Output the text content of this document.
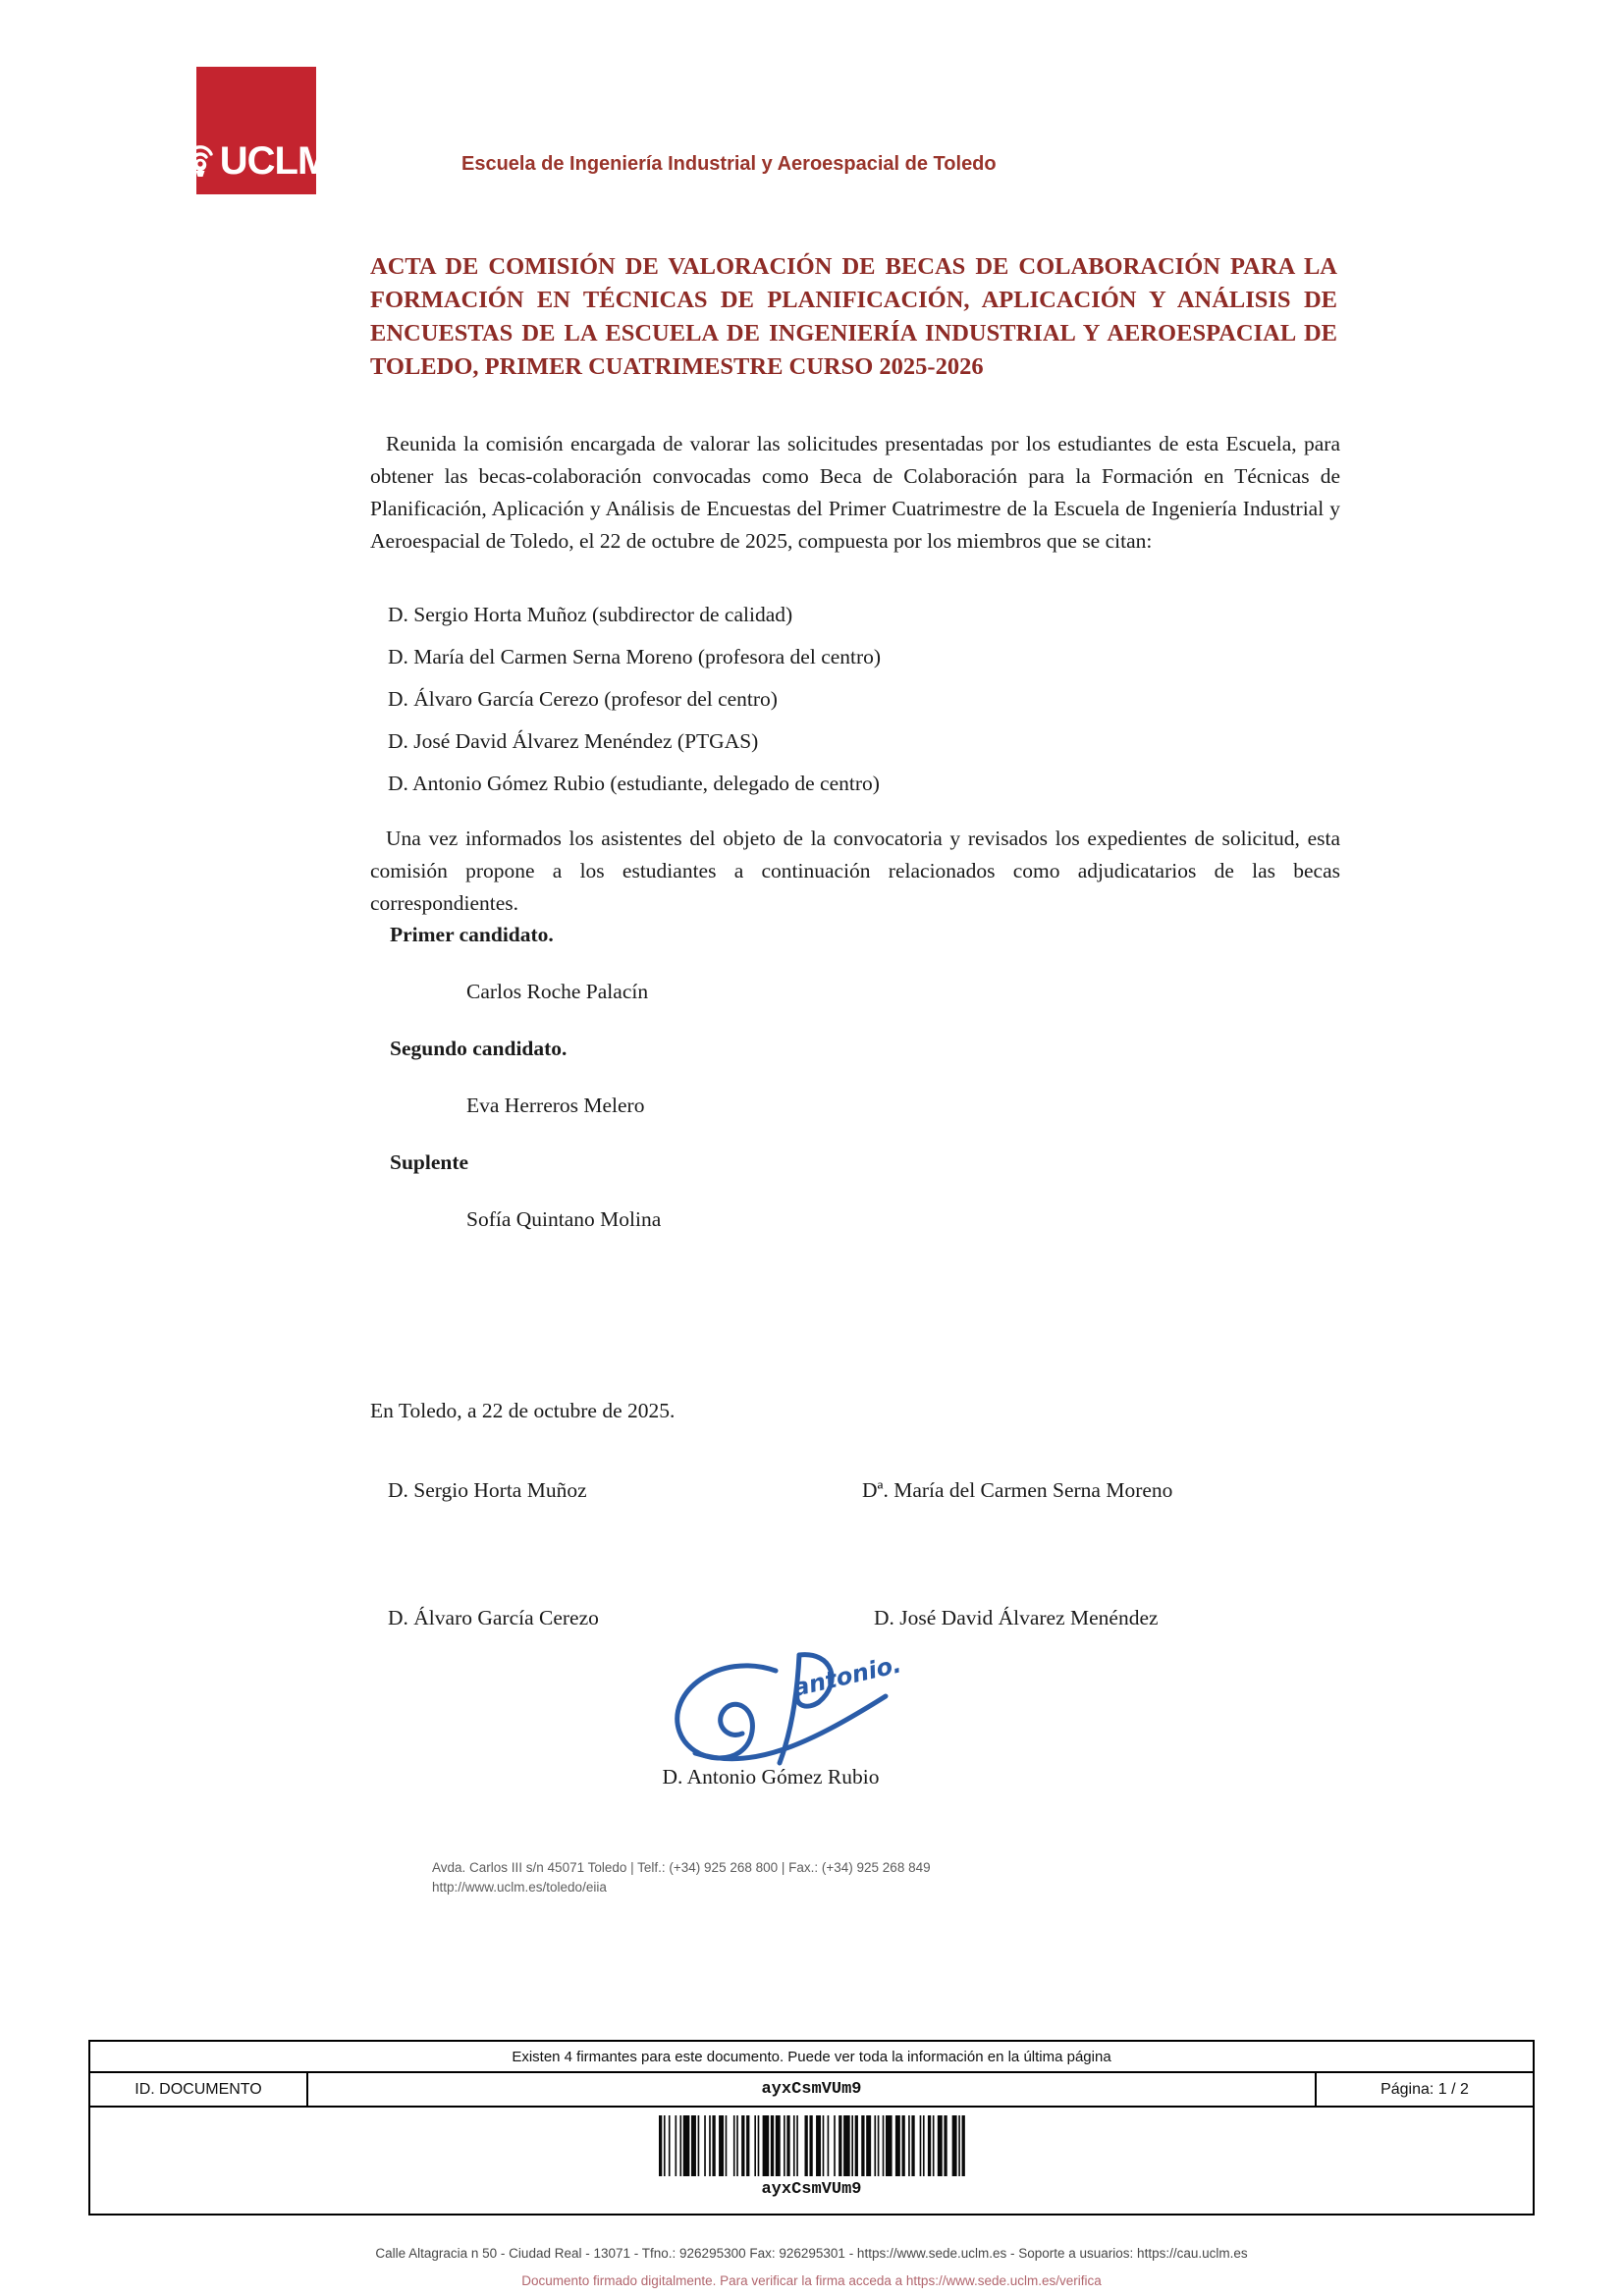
UCLM	Escuela de Ingeniería Industrial y Aeroespacial de Toledo
ACTA DE COMISIÓN DE VALORACIÓN DE BECAS DE COLABORACIÓN PARA LA FORMACIÓN EN TÉCNICAS DE PLANIFICACIÓN, APLICACIÓN Y ANÁLISIS DE ENCUESTAS DE LA ESCUELA DE INGENIERÍA INDUSTRIAL Y AEROESPACIAL DE TOLEDO, PRIMER CUATRIMESTRE CURSO 2025-2026
Reunida la comisión encargada de valorar las solicitudes presentadas por los estudiantes de esta Escuela, para obtener las becas-colaboración convocadas como Beca de Colaboración para la Formación en Técnicas de Planificación, Aplicación y Análisis de Encuestas del Primer Cuatrimestre de la Escuela de Ingeniería Industrial y Aeroespacial de Toledo, el 22 de octubre de 2025, compuesta por los miembros que se citan:
D. Sergio Horta Muñoz (subdirector de calidad)
D. María del Carmen Serna Moreno (profesora del centro)
D. Álvaro García Cerezo (profesor del centro)
D. José David Álvarez Menéndez (PTGAS)
D. Antonio Gómez Rubio (estudiante, delegado de centro)
Una vez informados los asistentes del objeto de la convocatoria y revisados los expedientes de solicitud, esta comisión propone a los estudiantes a continuación relacionados como adjudicatarios de las becas correspondientes.
Primer candidato.
Carlos Roche Palacín
Segundo candidato.
Eva Herreros Melero
Suplente
Sofía Quintano Molina
En Toledo, a 22 de octubre de 2025.
D. Sergio Horta Muñoz	Dª. María del Carmen Serna Moreno
D. Álvaro García Cerezo	D. José David Álvarez Menéndez
antonio.
D. Antonio Gómez Rubio
Avda. Carlos III s/n 45071 Toledo | Telf.: (+34) 925 268 800 | Fax.: (+34) 925 268 849
http://www.uclm.es/toledo/eiia
Existen 4 firmantes para este documento. Puede ver toda la información en la última página
ID. DOCUMENTO	ayxCsmVUm9	Página: 1 / 2
ayxCsmVUm9
Calle Altagracia n 50 - Ciudad Real - 13071 - Tfno.: 926295300 Fax: 926295301 - https://www.sede.uclm.es - Soporte a usuarios: https://cau.uclm.es
Documento firmado digitalmente. Para verificar la firma acceda a https://www.sede.uclm.es/verifica
